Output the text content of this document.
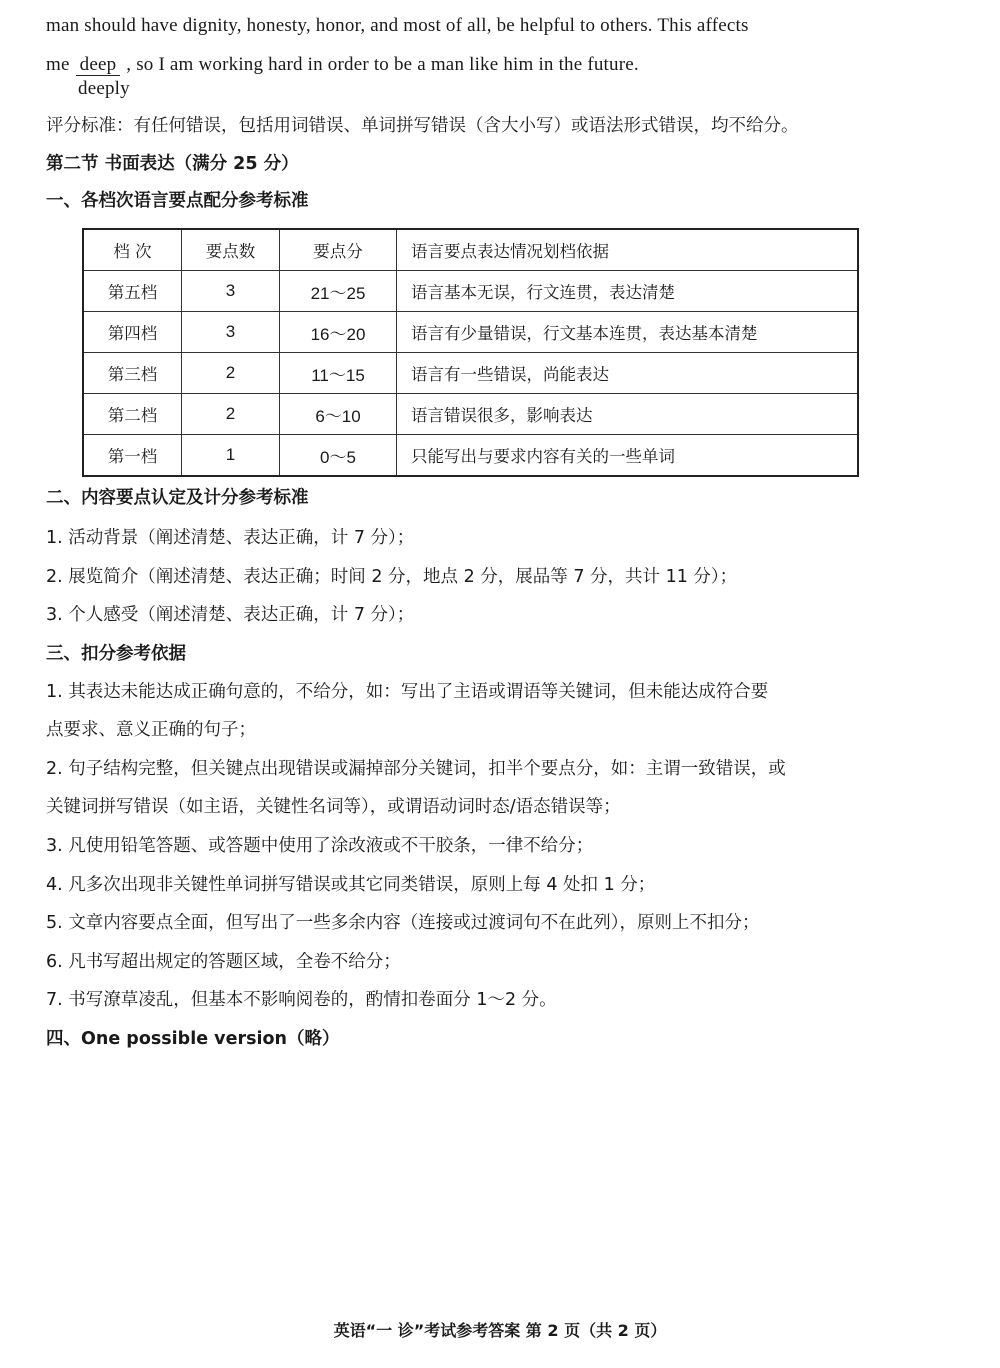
man should have dignity, honesty, honor, and most of all, be helpful to others. This affects
me deep , so I am working hard in order to be a man like him in the future.
deeply
评分标准：有任何错误，包括用词错误、单词拼写错误（含大小写）或语法形式错误，均不给分。
第二节 书面表达（满分 25 分）
一、各档次语言要点配分参考标准
档 次	要点数	要点分	语言要点表达情况划档依据
第五档	3	21～25	语言基本无误，行文连贯，表达清楚
第四档	3	16～20	语言有少量错误，行文基本连贯，表达基本清楚
第三档	2	11～15	语言有一些错误，尚能表达
第二档	2	6～10	语言错误很多，影响表达
第一档	1	0～5	只能写出与要求内容有关的一些单词
二、内容要点认定及计分参考标准
1. 活动背景（阐述清楚、表达正确，计 7 分）；
2. 展览简介（阐述清楚、表达正确；时间 2 分，地点 2 分，展品等 7 分，共计 11 分）；
3. 个人感受（阐述清楚、表达正确，计 7 分）；
三、扣分参考依据
1. 其表达未能达成正确句意的，不给分，如：写出了主语或谓语等关键词，但未能达成符合要
点要求、意义正确的句子；
2. 句子结构完整，但关键点出现错误或漏掉部分关键词，扣半个要点分，如：主谓一致错误，或
关键词拼写错误（如主语，关键性名词等），或谓语动词时态/语态错误等；
3. 凡使用铅笔答题、或答题中使用了涂改液或不干胶条，一律不给分；
4. 凡多次出现非关键性单词拼写错误或其它同类错误，原则上每 4 处扣 1 分；
5. 文章内容要点全面，但写出了一些多余内容（连接或过渡词句不在此列），原则上不扣分；
6. 凡书写超出规定的答题区域，全卷不给分；
7. 书写潦草凌乱，但基本不影响阅卷的，酌情扣卷面分 1～2 分。
四、One possible version（略）
英语“一 诊”考试参考答案 第 2 页（共 2 页）
